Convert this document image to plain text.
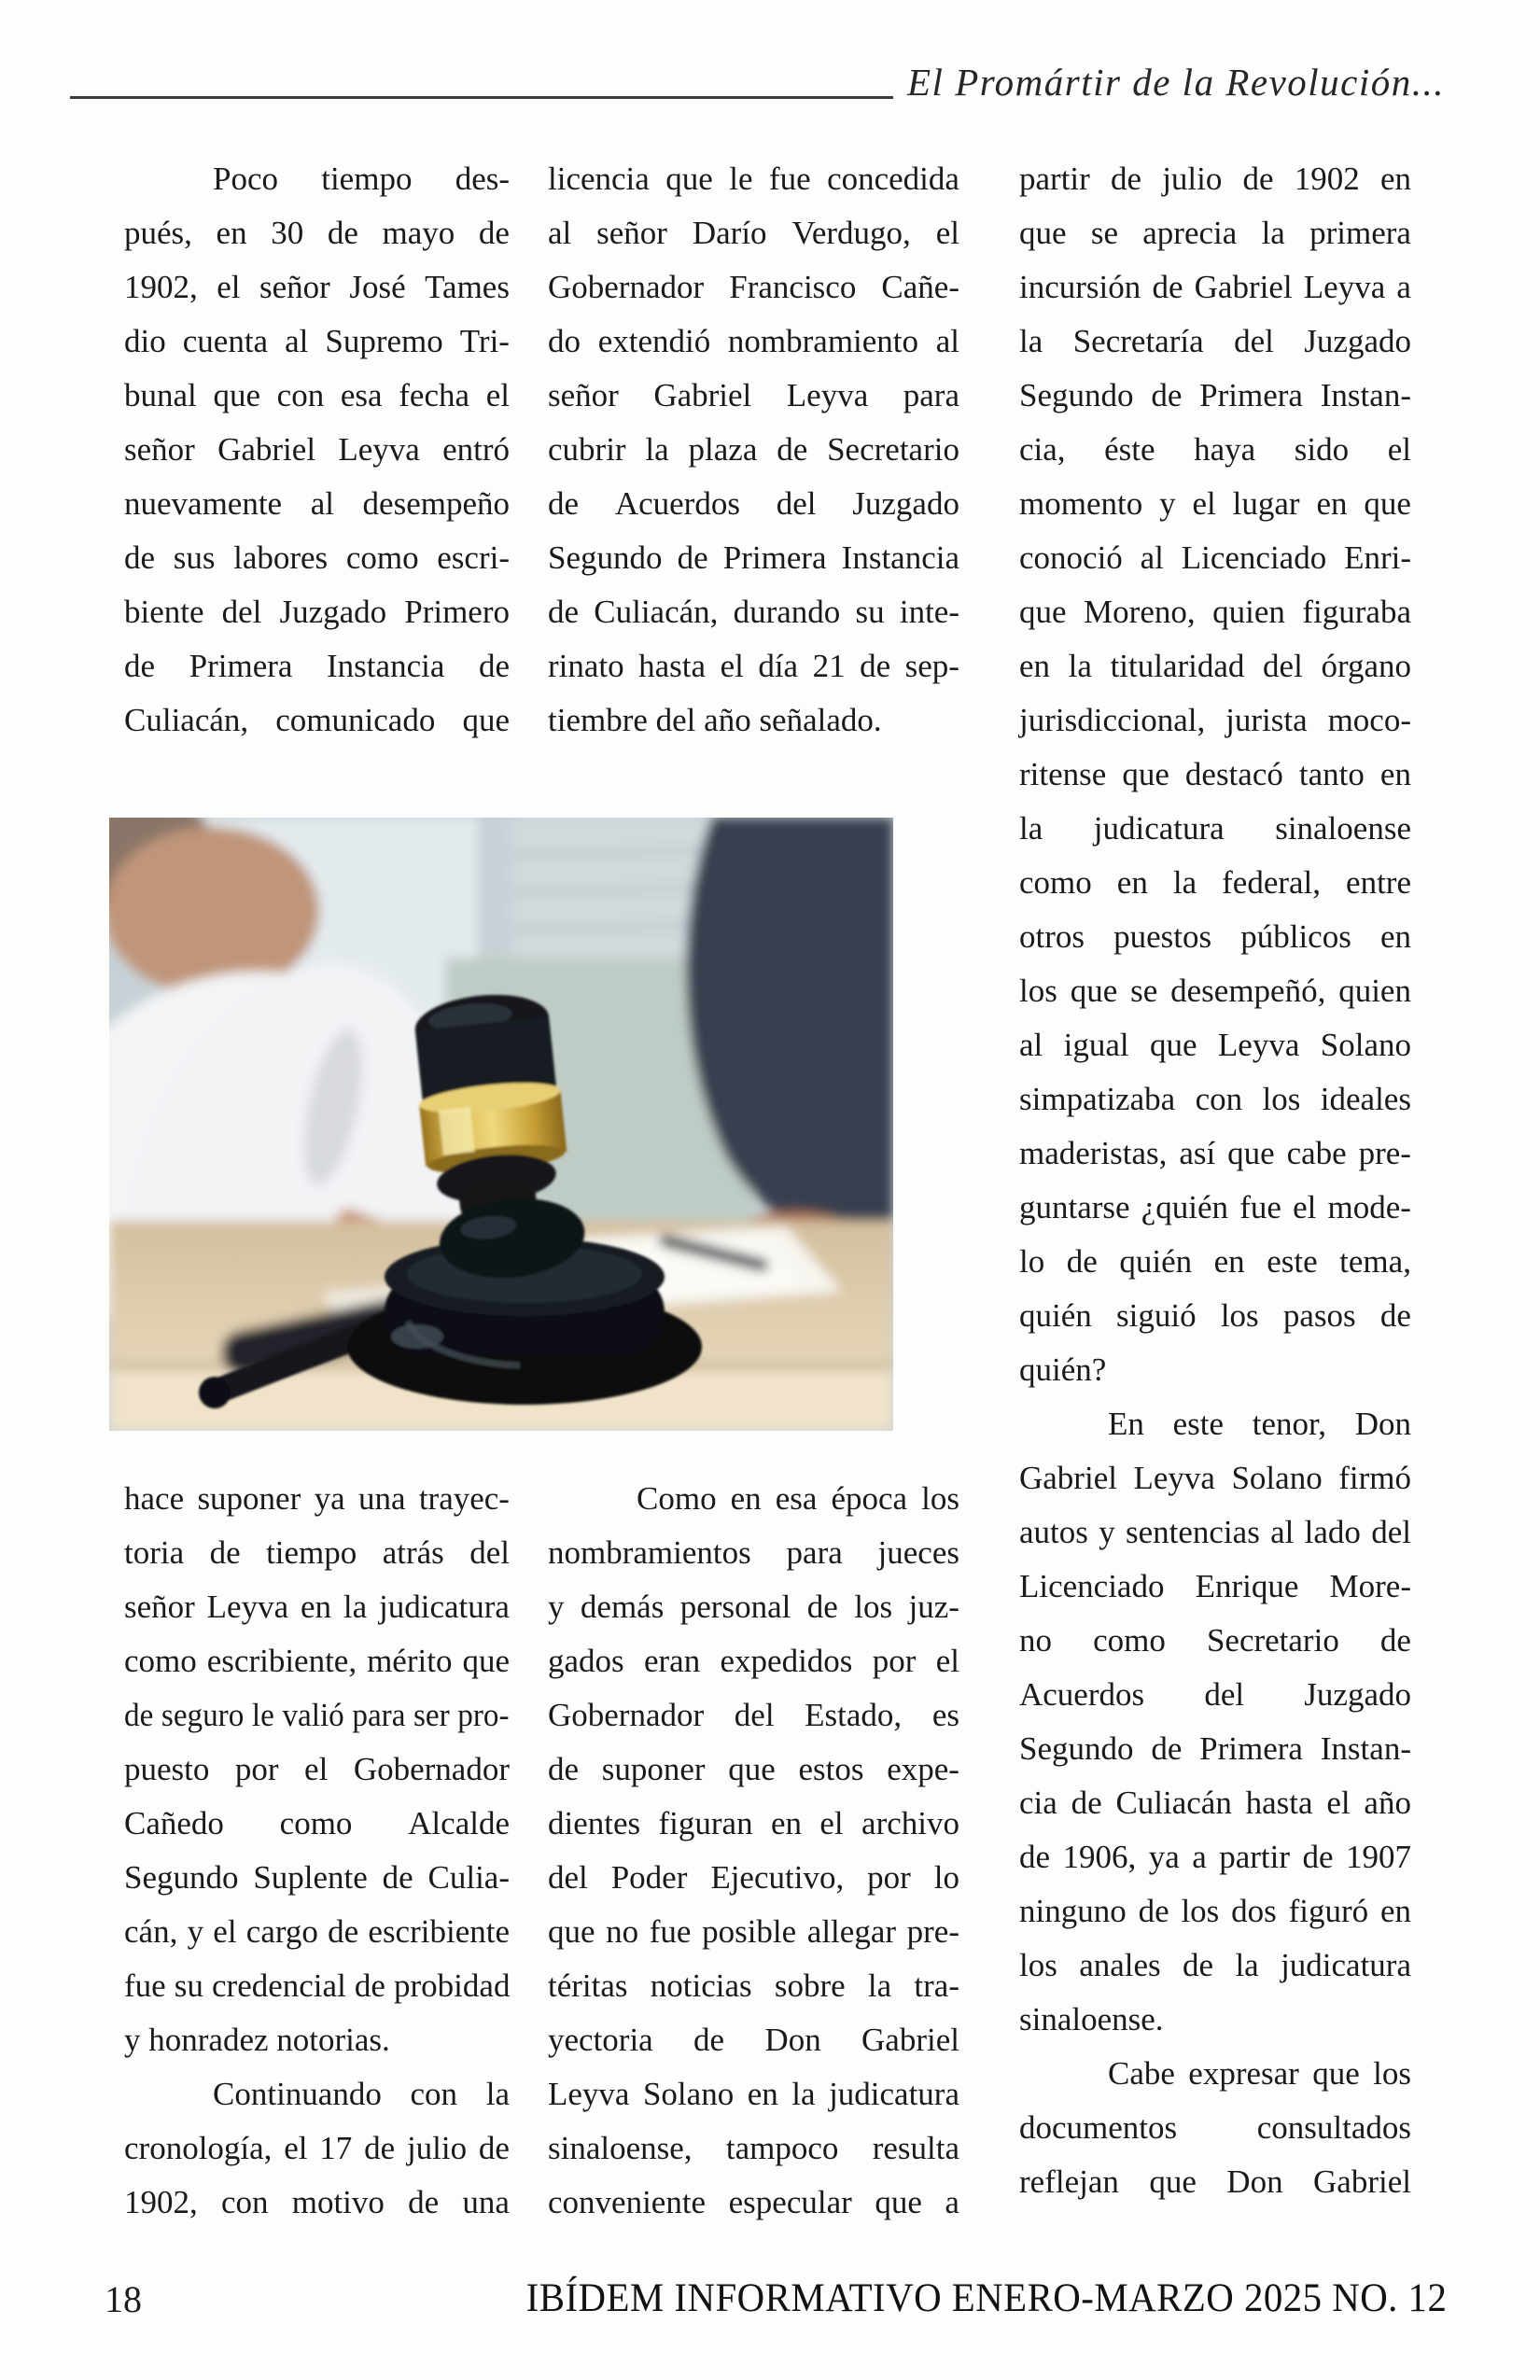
El Promártir de la Revolución...
Poco tiempo des-
pués, en 30 de mayo de
1902, el señor José Tames
dio cuenta al Supremo Tri-
bunal que con esa fecha el
señor Gabriel Leyva entró
nuevamente al desempeño
de sus labores como escri-
biente del Juzgado Primero
de Primera Instancia de
Culiacán, comunicado que
licencia que le fue concedida
al señor Darío Verdugo, el
Gobernador Francisco Cañe-
do extendió nombramiento al
señor Gabriel Leyva para
cubrir la plaza de Secretario
de Acuerdos del Juzgado
Segundo de Primera Instancia
de Culiacán, durando su inte-
rinato hasta el día 21 de sep-
tiembre del año señalado.
partir de julio de 1902 en
que se aprecia la primera
incursión de Gabriel Leyva a
la Secretaría del Juzgado
Segundo de Primera Instan-
cia, éste haya sido el
momento y el lugar en que
conoció al Licenciado Enri-
que Moreno, quien figuraba
en la titularidad del órgano
jurisdiccional, jurista moco-
ritense que destacó tanto en
la judicatura sinaloense
como en la federal, entre
otros puestos públicos en
los que se desempeñó, quien
al igual que Leyva Solano
simpatizaba con los ideales
maderistas, así que cabe pre-
guntarse ¿quién fue el mode-
lo de quién en este tema,
quién siguió los pasos de
quién?
En este tenor, Don
Gabriel Leyva Solano firmó
autos y sentencias al lado del
Licenciado Enrique More-
no como Secretario de
Acuerdos del Juzgado
Segundo de Primera Instan-
cia de Culiacán hasta el año
de 1906, ya a partir de 1907
ninguno de los dos figuró en
los anales de la judicatura
sinaloense.
Cabe expresar que los
documentos consultados
reflejan que Don Gabriel
hace suponer ya una trayec-
toria de tiempo atrás del
señor Leyva en la judicatura
como escribiente, mérito que
de seguro le valió para ser pro-
puesto por el Gobernador
Cañedo como Alcalde
Segundo Suplente de Culia-
cán, y el cargo de escribiente
fue su credencial de probidad
y honradez notorias.
Continuando con la
cronología, el 17 de julio de
1902, con motivo de una
Como en esa época los
nombramientos para jueces
y demás personal de los juz-
gados eran expedidos por el
Gobernador del Estado, es
de suponer que estos expe-
dientes figuran en el archivo
del Poder Ejecutivo, por lo
que no fue posible allegar pre-
téritas noticias sobre la tra-
yectoria de Don Gabriel
Leyva Solano en la judicatura
sinaloense, tampoco resulta
conveniente especular que a
18	IBÍDEM INFORMATIVO ENERO-MARZO 2025 NO. 12
